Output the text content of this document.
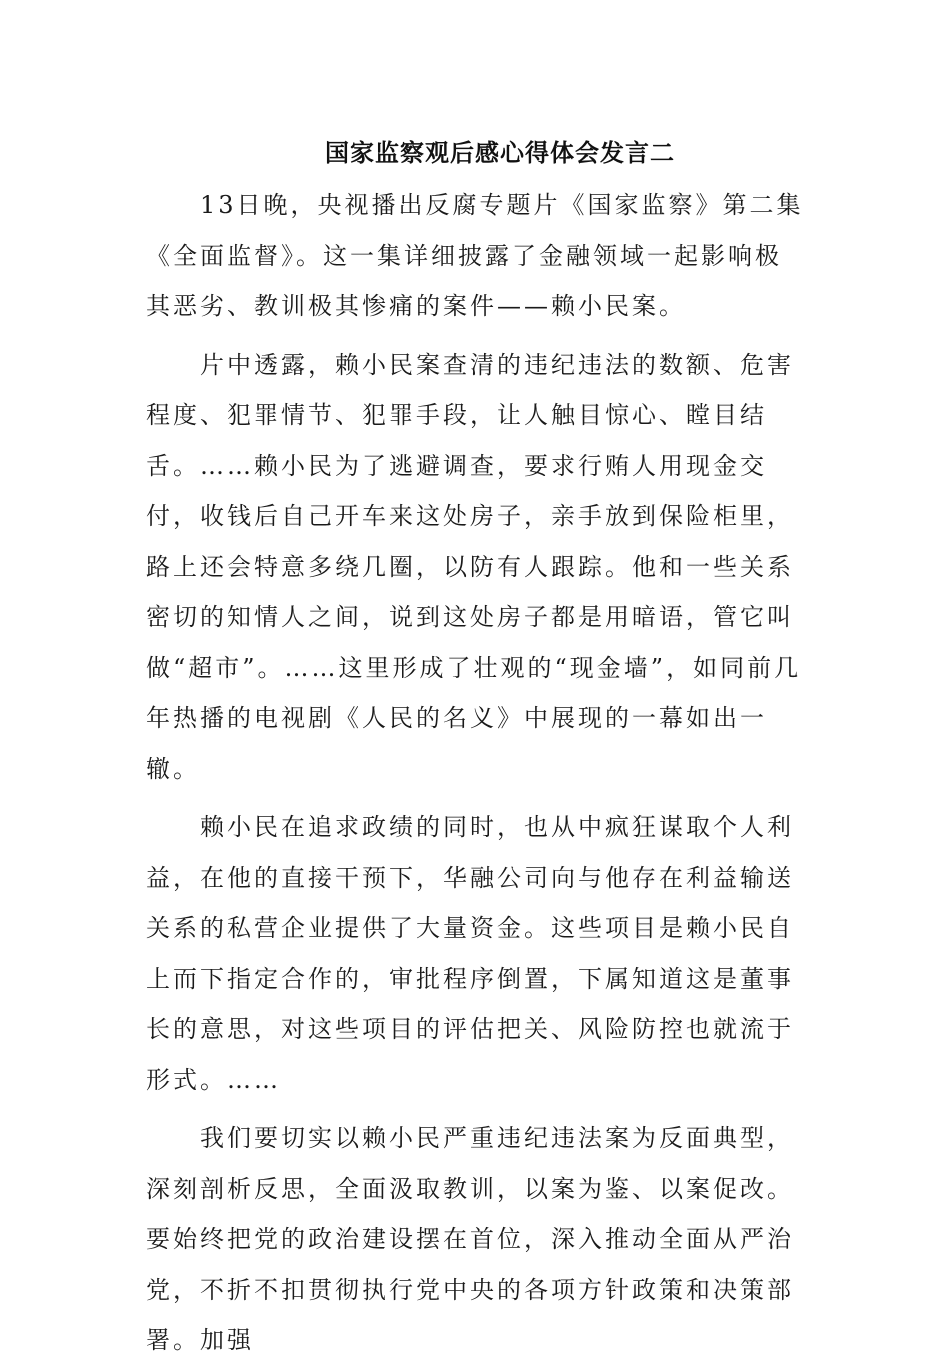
国家监察观后感心得体会发言二

13日晚，央视播出反腐专题片《国家监察》第二集《全面监督》。这一集详细披露了金融领域一起影响极其恶劣、教训极其惨痛的案件——赖小民案。

片中透露，赖小民案查清的违纪违法的数额、危害程度、犯罪情节、犯罪手段，让人触目惊心、瞠目结舌。……赖小民为了逃避调查，要求行贿人用现金交付，收钱后自己开车来这处房子，亲手放到保险柜里，路上还会特意多绕几圈，以防有人跟踪。他和一些关系密切的知情人之间，说到这处房子都是用暗语，管它叫做“超市”。……这里形成了壮观的“现金墙”，如同前几年热播的电视剧《人民的名义》中展现的一幕如出一辙。

赖小民在追求政绩的同时，也从中疯狂谋取个人利益，在他的直接干预下，华融公司向与他存在利益输送关系的私营企业提供了大量资金。这些项目是赖小民自上而下指定合作的，审批程序倒置，下属知道这是董事长的意思，对这些项目的评估把关、风险防控也就流于形式。……

我们要切实以赖小民严重违纪违法案为反面典型，深刻剖析反思，全面汲取教训，以案为鉴、以案促改。要始终把党的政治建设摆在首位，深入推动全面从严治党，不折不扣贯彻执行党中央的各项方针政策和决策部署。加强
